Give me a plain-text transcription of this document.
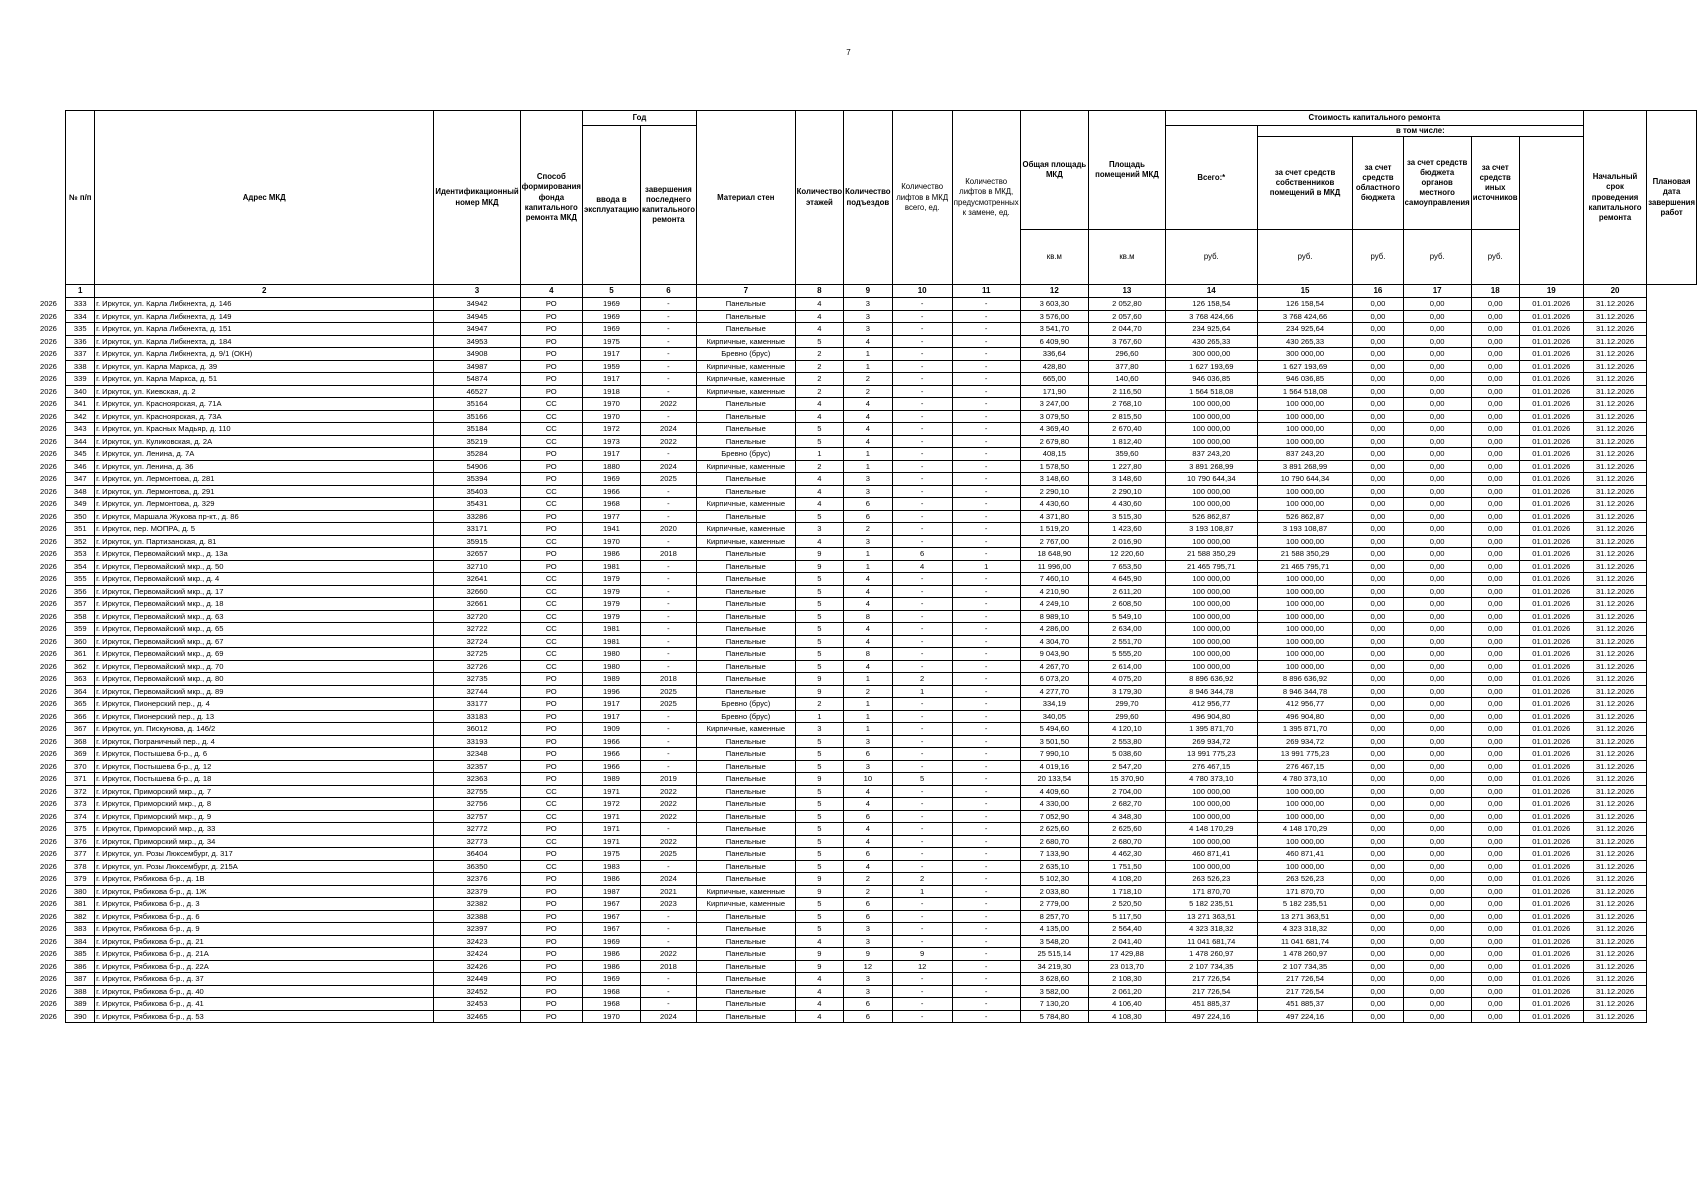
7
	№ п/п	Адрес МКД	Идентификационный номер МКД	Способ формирования фонда капитального ремонта МКД	Год		Материал стен	Количество этажей	Количество подъездов	Количество лифтов в МКД всего, ед.	Количество лифтов в МКД, предусмотренных к замене, ед.	Общая площадь МКД	Площадь помещений МКД	Стоимость капитального ремонта						Начальный срок проведения капитального ремонта	Плановая дата завершения работ
					ввода в эксплуатацию	завершения последнего капитального ремонта								Всего:*	в том числе:						
															за счет средств собственников помещений в МКД	за счет средств областного бюджета	за счет средств бюджета органов местного самоуправления	за счет средств иных источников			

												кв.м	кв.м	руб.	руб.	руб.	руб.	руб.			
	1	2	3	4	5	6	7	8	9	10	11	12	13	14	15	16	17	18	19	20	
2026	333	г. Иркутск, ул. Карла Либкнехта, д. 146	34942	РО	1969	-	Панельные	4	3	-	-	3 603,30	2 052,80	126 158,54	126 158,54	0,00	0,00	0,00	01.01.2026	31.12.2026	
2026	334	г. Иркутск, ул. Карла Либкнехта, д. 149	34945	РО	1969	-	Панельные	4	3	-	-	3 576,00	2 057,60	3 768 424,66	3 768 424,66	0,00	0,00	0,00	01.01.2026	31.12.2026	
2026	335	г. Иркутск, ул. Карла Либкнехта, д. 151	34947	РО	1969	-	Панельные	4	3	-	-	3 541,70	2 044,70	234 925,64	234 925,64	0,00	0,00	0,00	01.01.2026	31.12.2026	
2026	336	г. Иркутск, ул. Карла Либкнехта, д. 184	34953	РО	1975	-	Кирпичные, каменные	5	4	-	-	6 409,90	3 767,60	430 265,33	430 265,33	0,00	0,00	0,00	01.01.2026	31.12.2026	
2026	337	г. Иркутск, ул. Карла Либкнехта, д. 9/1 (ОКН)	34908	РО	1917	-	Бревно (брус)	2	1	-	-	336,64	296,60	300 000,00	300 000,00	0,00	0,00	0,00	01.01.2026	31.12.2026	
2026	338	г. Иркутск, ул. Карла Маркса, д. 39	34987	РО	1959	-	Кирпичные, каменные	2	1	-	-	428,80	377,80	1 627 193,69	1 627 193,69	0,00	0,00	0,00	01.01.2026	31.12.2026	
2026	339	г. Иркутск, ул. Карла Маркса, д. 51	54874	РО	1917	-	Кирпичные, каменные	2	2	-	-	665,00	140,60	946 036,85	946 036,85	0,00	0,00	0,00	01.01.2026	31.12.2026	
2026	340	г. Иркутск, ул. Киевская, д. 2	46527	РО	1918	-	Кирпичные, каменные	2	2	-	-	171,90	2 116,50	1 564 518,08	1 564 518,08	0,00	0,00	0,00	01.01.2026	31.12.2026	
2026	341	г. Иркутск, ул. Красноярская, д. 71А	35164	СС	1970	2022	Панельные	4	4	-	-	3 247,00	2 768,10	100 000,00	100 000,00	0,00	0,00	0,00	01.01.2026	31.12.2026	
2026	342	г. Иркутск, ул. Красноярская, д. 73А	35166	СС	1970	-	Панельные	4	4	-	-	3 079,50	2 815,50	100 000,00	100 000,00	0,00	0,00	0,00	01.01.2026	31.12.2026	
2026	343	г. Иркутск, ул. Красных Мадьяр, д. 110	35184	СС	1972	2024	Панельные	5	4	-	-	4 369,40	2 670,40	100 000,00	100 000,00	0,00	0,00	0,00	01.01.2026	31.12.2026	
2026	344	г. Иркутск, ул. Куликовская, д. 2А	35219	СС	1973	2022	Панельные	5	4	-	-	2 679,80	1 812,40	100 000,00	100 000,00	0,00	0,00	0,00	01.01.2026	31.12.2026	
2026	345	г. Иркутск, ул. Ленина, д. 7А	35284	РО	1917	-	Бревно (брус)	1	1	-	-	408,15	359,60	837 243,20	837 243,20	0,00	0,00	0,00	01.01.2026	31.12.2026	
2026	346	г. Иркутск, ул. Ленина, д. 36	54906	РО	1880	2024	Кирпичные, каменные	2	1	-	-	1 578,50	1 227,80	3 891 268,99	3 891 268,99	0,00	0,00	0,00	01.01.2026	31.12.2026	
2026	347	г. Иркутск, ул. Лермонтова, д. 281	35394	РО	1969	2025	Панельные	4	3	-	-	3 148,60	3 148,60	10 790 644,34	10 790 644,34	0,00	0,00	0,00	01.01.2026	31.12.2026	
2026	348	г. Иркутск, ул. Лермонтова, д. 291	35403	СС	1966	-	Панельные	4	3	-	-	2 290,10	2 290,10	100 000,00	100 000,00	0,00	0,00	0,00	01.01.2026	31.12.2026	
2026	349	г. Иркутск, ул. Лермонтова, д. 329	35431	СС	1968	-	Кирпичные, каменные	4	6	-	-	4 430,60	4 430,60	100 000,00	100 000,00	0,00	0,00	0,00	01.01.2026	31.12.2026	
2026	350	г. Иркутск, Маршала Жукова пр-кт., д. 86	33286	РО	1977	-	Панельные	5	6	-	-	4 371,80	3 515,30	526 862,87	526 862,87	0,00	0,00	0,00	01.01.2026	31.12.2026	
2026	351	г. Иркутск, пер. МОПРА, д. 5	33171	РО	1941	2020	Кирпичные, каменные	3	2	-	-	1 519,20	1 423,60	3 193 108,87	3 193 108,87	0,00	0,00	0,00	01.01.2026	31.12.2026	
2026	352	г. Иркутск, ул. Партизанская, д. 81	35915	СС	1970	-	Кирпичные, каменные	4	3	-	-	2 767,00	2 016,90	100 000,00	100 000,00	0,00	0,00	0,00	01.01.2026	31.12.2026	
2026	353	г. Иркутск, Первомайский мкр., д. 13а	32657	РО	1986	2018	Панельные	9	1	6	-	18 648,90	12 220,60	21 588 350,29	21 588 350,29	0,00	0,00	0,00	01.01.2026	31.12.2026	
2026	354	г. Иркутск, Первомайский мкр., д. 50	32710	РО	1981	-	Панельные	9	1	4	1	11 996,00	7 653,50	21 465 795,71	21 465 795,71	0,00	0,00	0,00	01.01.2026	31.12.2026	
2026	355	г. Иркутск, Первомайский мкр., д. 4	32641	СС	1979	-	Панельные	5	4	-	-	7 460,10	4 645,90	100 000,00	100 000,00	0,00	0,00	0,00	01.01.2026	31.12.2026	
2026	356	г. Иркутск, Первомайский мкр., д. 17	32660	СС	1979	-	Панельные	5	4	-	-	4 210,90	2 611,20	100 000,00	100 000,00	0,00	0,00	0,00	01.01.2026	31.12.2026	
2026	357	г. Иркутск, Первомайский мкр., д. 18	32661	СС	1979	-	Панельные	5	4	-	-	4 249,10	2 608,50	100 000,00	100 000,00	0,00	0,00	0,00	01.01.2026	31.12.2026	
2026	358	г. Иркутск, Первомайский мкр., д. 63	32720	СС	1979	-	Панельные	5	8	-	-	8 989,10	5 549,10	100 000,00	100 000,00	0,00	0,00	0,00	01.01.2026	31.12.2026	
2026	359	г. Иркутск, Первомайский мкр., д. 65	32722	СС	1981	-	Панельные	5	4	-	-	4 286,00	2 634,00	100 000,00	100 000,00	0,00	0,00	0,00	01.01.2026	31.12.2026	
2026	360	г. Иркутск, Первомайский мкр., д. 67	32724	СС	1981	-	Панельные	5	4	-	-	4 304,70	2 551,70	100 000,00	100 000,00	0,00	0,00	0,00	01.01.2026	31.12.2026	
2026	361	г. Иркутск, Первомайский мкр., д. 69	32725	СС	1980	-	Панельные	5	8	-	-	9 043,90	5 555,20	100 000,00	100 000,00	0,00	0,00	0,00	01.01.2026	31.12.2026	
2026	362	г. Иркутск, Первомайский мкр., д. 70	32726	СС	1980	-	Панельные	5	4	-	-	4 267,70	2 614,00	100 000,00	100 000,00	0,00	0,00	0,00	01.01.2026	31.12.2026	
2026	363	г. Иркутск, Первомайский мкр., д. 80	32735	РО	1989	2018	Панельные	9	1	2	-	6 073,20	4 075,20	8 896 636,92	8 896 636,92	0,00	0,00	0,00	01.01.2026	31.12.2026	
2026	364	г. Иркутск, Первомайский мкр., д. 89	32744	РО	1996	2025	Панельные	9	2	1	-	4 277,70	3 179,30	8 946 344,78	8 946 344,78	0,00	0,00	0,00	01.01.2026	31.12.2026	
2026	365	г. Иркутск, Пионерский пер., д. 4	33177	РО	1917	2025	Бревно (брус)	2	1	-	-	334,19	299,70	412 956,77	412 956,77	0,00	0,00	0,00	01.01.2026	31.12.2026	
2026	366	г. Иркутск, Пионерский пер., д. 13	33183	РО	1917	-	Бревно (брус)	1	1	-	-	340,05	299,60	496 904,80	496 904,80	0,00	0,00	0,00	01.01.2026	31.12.2026	
2026	367	г. Иркутск, ул. Пискунова, д. 146/2	36012	РО	1909	-	Кирпичные, каменные	3	1	-	-	5 494,60	4 120,10	1 395 871,70	1 395 871,70	0,00	0,00	0,00	01.01.2026	31.12.2026	
2026	368	г. Иркутск, Пограничный пер., д. 4	33193	РО	1966	-	Панельные	5	3	-	-	3 501,50	2 553,80	269 934,72	269 934,72	0,00	0,00	0,00	01.01.2026	31.12.2026	
2026	369	г. Иркутск, Постышева б-р., д. 6	32348	РО	1966	-	Панельные	5	6	-	-	7 990,10	5 038,60	13 991 775,23	13 991 775,23	0,00	0,00	0,00	01.01.2026	31.12.2026	
2026	370	г. Иркутск, Постышева б-р., д. 12	32357	РО	1966	-	Панельные	5	3	-	-	4 019,16	2 547,20	276 467,15	276 467,15	0,00	0,00	0,00	01.01.2026	31.12.2026	
2026	371	г. Иркутск, Постышева б-р., д. 18	32363	РО	1989	2019	Панельные	9	10	5	-	20 133,54	15 370,90	4 780 373,10	4 780 373,10	0,00	0,00	0,00	01.01.2026	31.12.2026	
2026	372	г. Иркутск, Приморский мкр., д. 7	32755	СС	1971	2022	Панельные	5	4	-	-	4 409,60	2 704,00	100 000,00	100 000,00	0,00	0,00	0,00	01.01.2026	31.12.2026	
2026	373	г. Иркутск, Приморский мкр., д. 8	32756	СС	1972	2022	Панельные	5	4	-	-	4 330,00	2 682,70	100 000,00	100 000,00	0,00	0,00	0,00	01.01.2026	31.12.2026	
2026	374	г. Иркутск, Приморский мкр., д. 9	32757	СС	1971	2022	Панельные	5	6	-	-	7 052,90	4 348,30	100 000,00	100 000,00	0,00	0,00	0,00	01.01.2026	31.12.2026	
2026	375	г. Иркутск, Приморский мкр., д. 33	32772	РО	1971	-	Панельные	5	4	-	-	2 625,60	2 625,60	4 148 170,29	4 148 170,29	0,00	0,00	0,00	01.01.2026	31.12.2026	
2026	376	г. Иркутск, Приморский мкр., д. 34	32773	СС	1971	2022	Панельные	5	4	-	-	2 680,70	2 680,70	100 000,00	100 000,00	0,00	0,00	0,00	01.01.2026	31.12.2026	
2026	377	г. Иркутск, ул. Розы Люксембург, д. 317	36404	РО	1975	2025	Панельные	5	6	-	-	7 133,90	4 462,30	460 871,41	460 871,41	0,00	0,00	0,00	01.01.2026	31.12.2026	
2026	378	г. Иркутск, ул. Розы Люксембург, д. 215А	36350	СС	1983	-	Панельные	5	4	-	-	2 635,10	1 751,50	100 000,00	100 000,00	0,00	0,00	0,00	01.01.2026	31.12.2026	
2026	379	г. Иркутск, Рябикова б-р., д. 1В	32376	РО	1986	2024	Панельные	9	2	2	-	5 102,30	4 108,20	263 526,23	263 526,23	0,00	0,00	0,00	01.01.2026	31.12.2026	
2026	380	г. Иркутск, Рябикова б-р., д. 1Ж	32379	РО	1987	2021	Кирпичные, каменные	9	2	1	-	2 033,80	1 718,10	171 870,70	171 870,70	0,00	0,00	0,00	01.01.2026	31.12.2026	
2026	381	г. Иркутск, Рябикова б-р., д. 3	32382	РО	1967	2023	Кирпичные, каменные	5	6	-	-	2 779,00	2 520,50	5 182 235,51	5 182 235,51	0,00	0,00	0,00	01.01.2026	31.12.2026	
2026	382	г. Иркутск, Рябикова б-р., д. 6	32388	РО	1967	-	Панельные	5	6	-	-	8 257,70	5 117,50	13 271 363,51	13 271 363,51	0,00	0,00	0,00	01.01.2026	31.12.2026	
2026	383	г. Иркутск, Рябикова б-р., д. 9	32397	РО	1967	-	Панельные	5	3	-	-	4 135,00	2 564,40	4 323 318,32	4 323 318,32	0,00	0,00	0,00	01.01.2026	31.12.2026	
2026	384	г. Иркутск, Рябикова б-р., д. 21	32423	РО	1969	-	Панельные	4	3	-	-	3 548,20	2 041,40	11 041 681,74	11 041 681,74	0,00	0,00	0,00	01.01.2026	31.12.2026	
2026	385	г. Иркутск, Рябикова б-р., д. 21А	32424	РО	1986	2022	Панельные	9	9	9	-	25 515,14	17 429,88	1 478 260,97	1 478 260,97	0,00	0,00	0,00	01.01.2026	31.12.2026	
2026	386	г. Иркутск, Рябикова б-р., д. 22А	32426	РО	1986	2018	Панельные	9	12	12	-	34 219,30	23 013,70	2 107 734,35	2 107 734,35	0,00	0,00	0,00	01.01.2026	31.12.2026	
2026	387	г. Иркутск, Рябикова б-р., д. 37	32449	РО	1969	-	Панельные	4	3	-	-	3 628,60	2 108,30	217 726,54	217 726,54	0,00	0,00	0,00	01.01.2026	31.12.2026	
2026	388	г. Иркутск, Рябикова б-р., д. 40	32452	РО	1968	-	Панельные	4	3	-	-	3 582,00	2 061,20	217 726,54	217 726,54	0,00	0,00	0,00	01.01.2026	31.12.2026	
2026	389	г. Иркутск, Рябикова б-р., д. 41	32453	РО	1968	-	Панельные	4	6	-	-	7 130,20	4 106,40	451 885,37	451 885,37	0,00	0,00	0,00	01.01.2026	31.12.2026	
2026	390	г. Иркутск, Рябикова б-р., д. 53	32465	РО	1970	2024	Панельные	4	6	-	-	5 784,80	4 108,30	497 224,16	497 224,16	0,00	0,00	0,00	01.01.2026	31.12.2026	
